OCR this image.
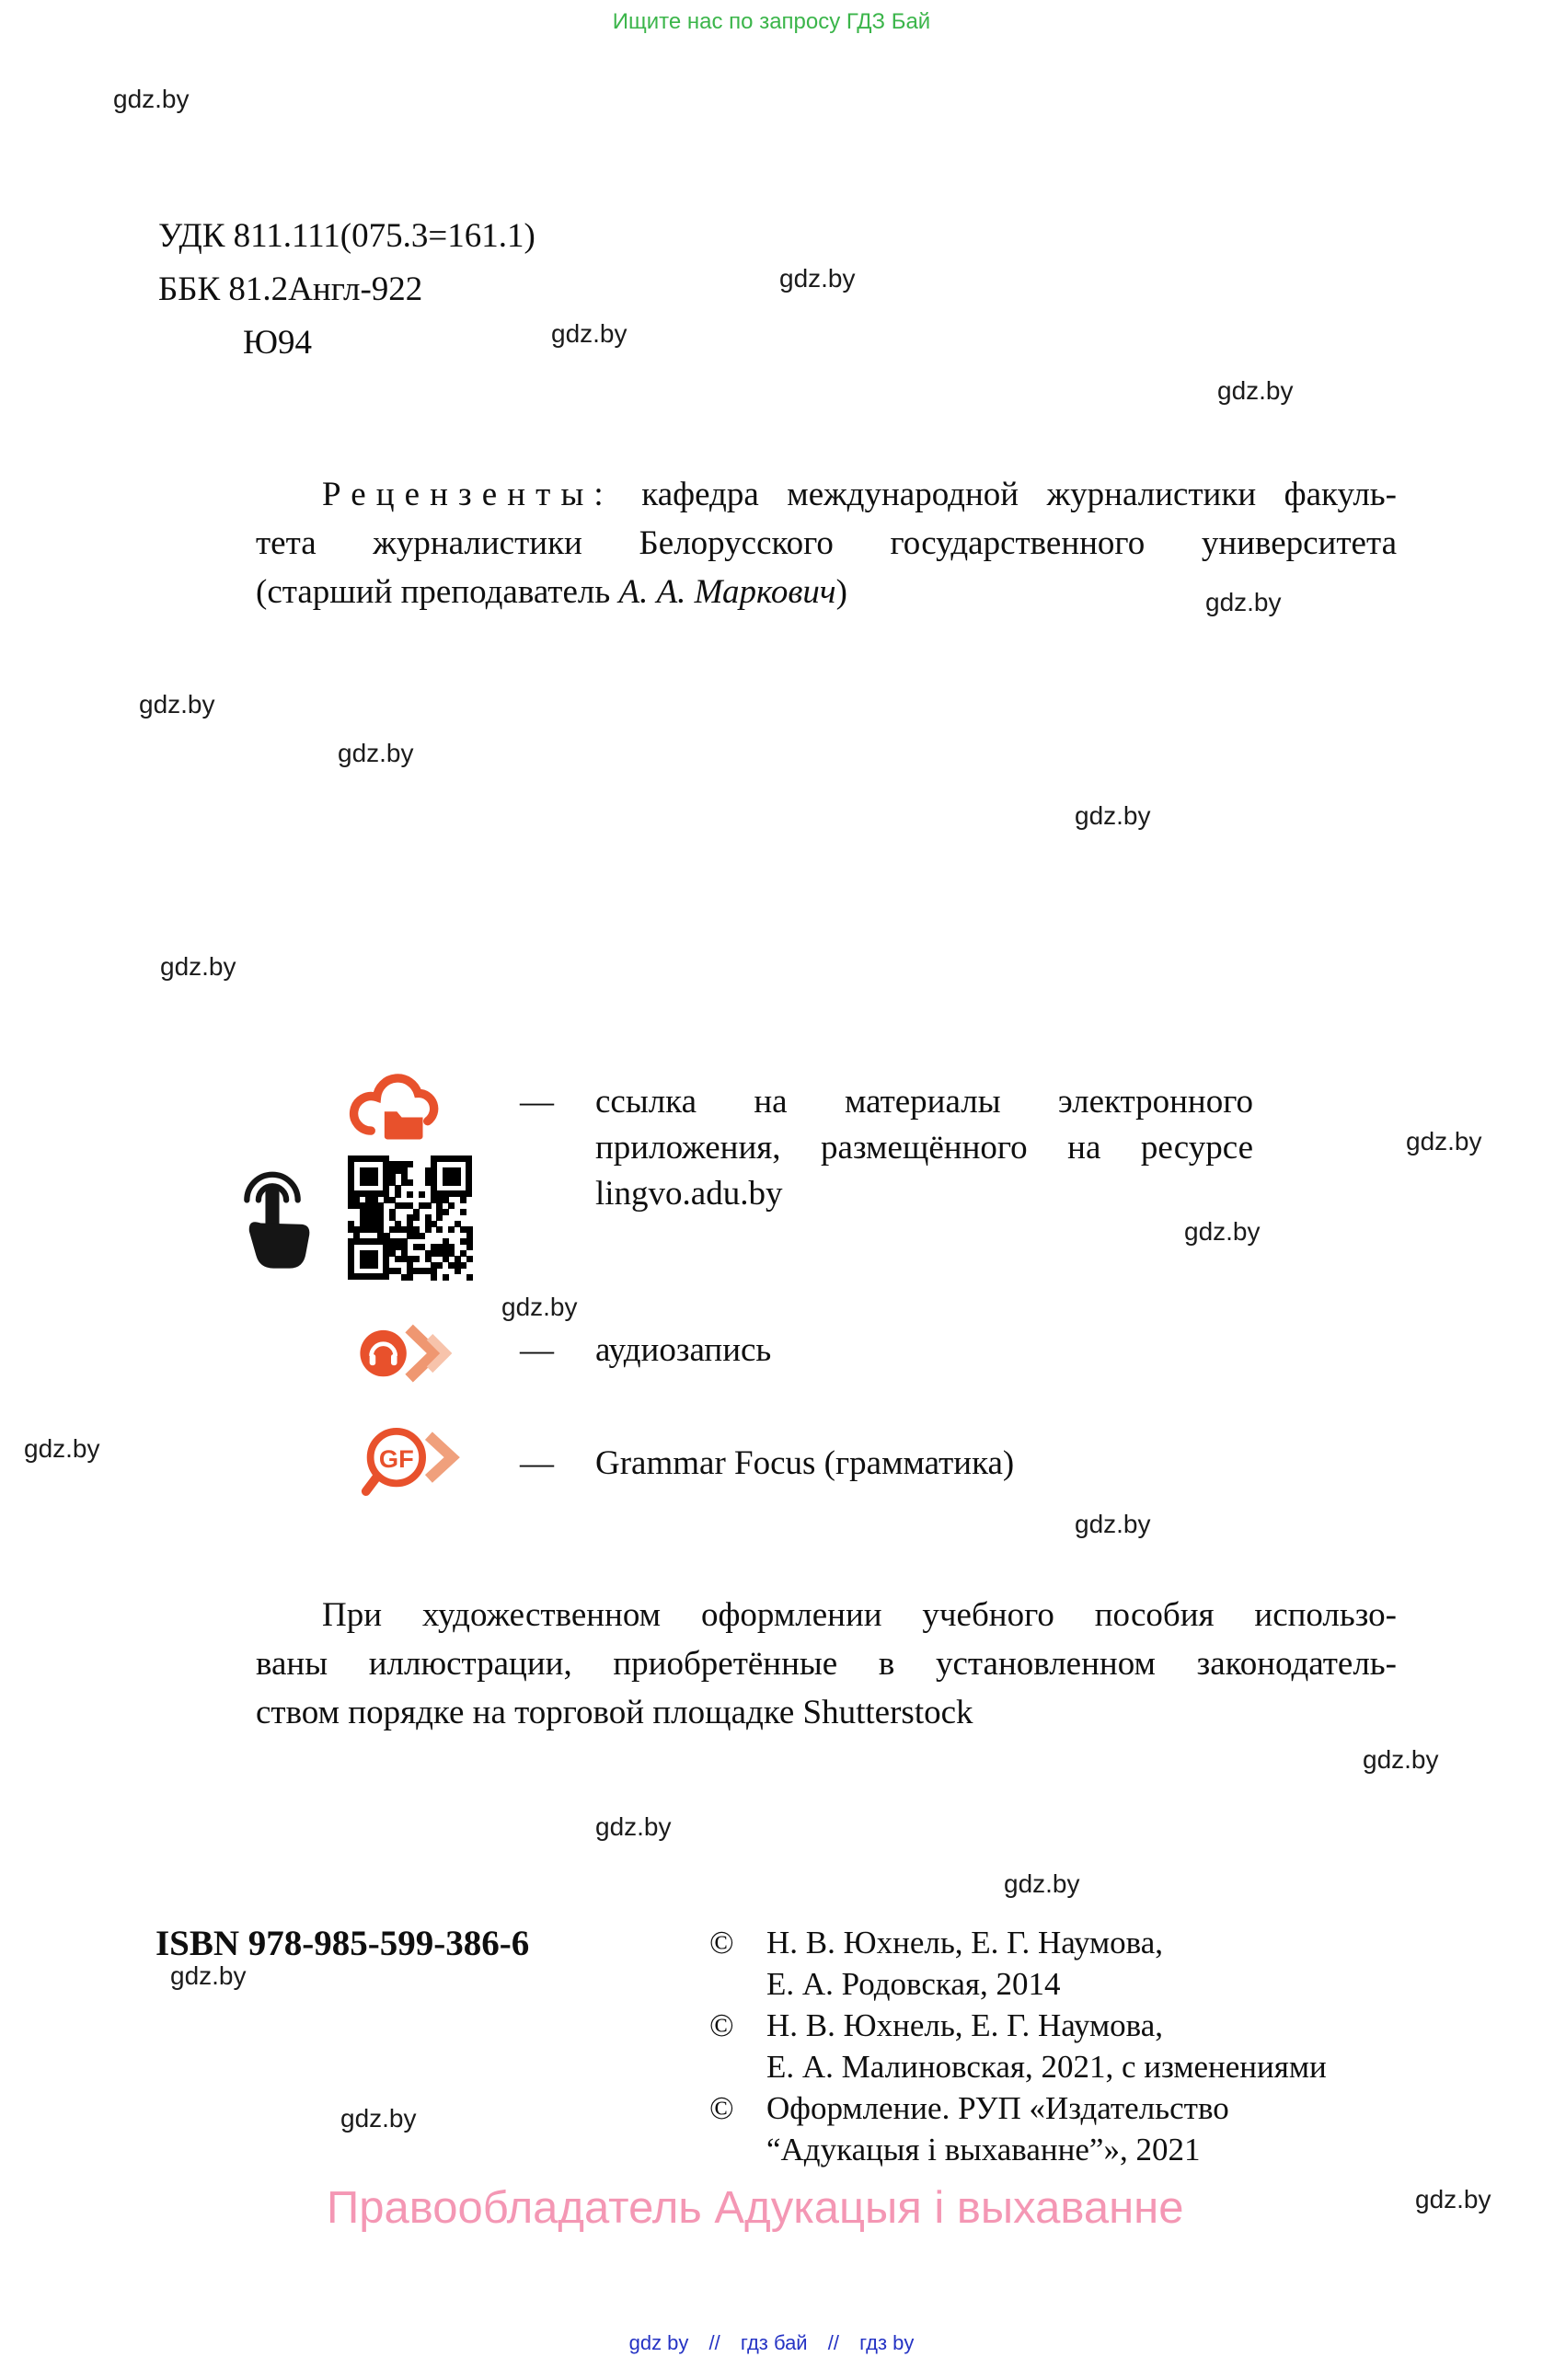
Ищите нас по запросу ГДЗ Бай
gdz.by
gdz.by
gdz.by
gdz.by
gdz.by
gdz.by
gdz.by
gdz.by
gdz.by
gdz.by
gdz.by
gdz.by
gdz.by
gdz.by
gdz.by
gdz.by
gdz.by
gdz.by
gdz.by
gdz.by
УДК 811.111(075.3=161.1)
ББК 81.2Англ-922
Ю94
Рецензенты: кафедра международной журналистики факуль-
тета журналистики Белорусского государственного университета
(старший преподаватель А. А. Маркович)
—	ссылка на материалы электронного
приложения, размещённого на ресурсе
lingvo.adu.by
—	аудиозапись
GF	—	Grammar Focus (грамматика)
При художественном оформлении учебного пособия использо-
ваны иллюстрации, приобретённые в установленном законодатель-
ством порядке на торговой площадке Shutterstock
ISBN 978-985-599-386-6	©	Н. В. Юхнель, Е. Г. Наумова,
Е. А. Родовская, 2014
©	Н. В. Юхнель, Е. Г. Наумова,
Е. А. Малиновская, 2021, с изменениями
©	Оформление. РУП «Издательство
“Адукацыя і выхаванне”», 2021
Правообладатель Адукацыя і выхаванне
gdz by // гдз бай // гдз by
